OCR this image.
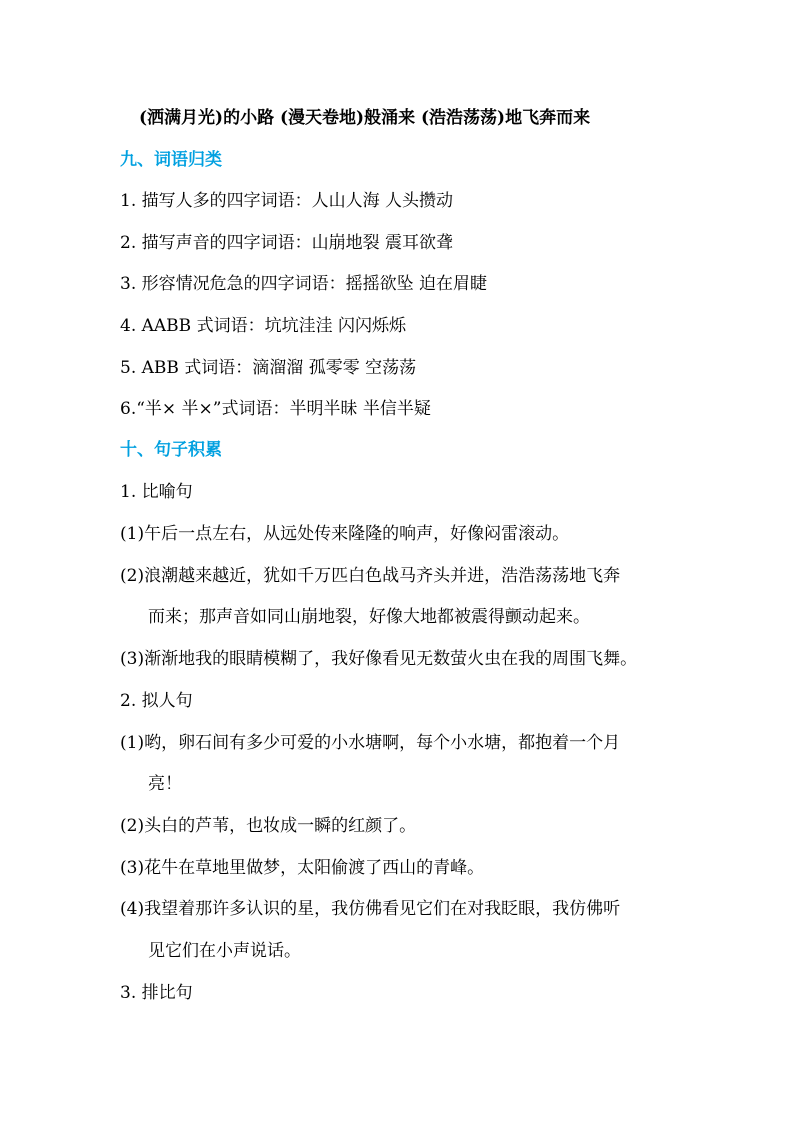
(洒满月光)的小路 (漫天卷地)般涌来 (浩浩荡荡)地飞奔而来
九、词语归类
1. 描写人多的四字词语：人山人海 人头攒动
2. 描写声音的四字词语：山崩地裂 震耳欲聋
3. 形容情况危急的四字词语：摇摇欲坠 迫在眉睫
4. AABB 式词语：坑坑洼洼 闪闪烁烁
5. ABB 式词语：滴溜溜 孤零零 空荡荡
6.“半× 半×”式词语：半明半昧 半信半疑
十、句子积累
1. 比喻句
(1)午后一点左右，从远处传来隆隆的响声，好像闷雷滚动。
(2)浪潮越来越近，犹如千万匹白色战马齐头并进，浩浩荡荡地飞奔
而来；那声音如同山崩地裂，好像大地都被震得颤动起来。
(3)渐渐地我的眼睛模糊了，我好像看见无数萤火虫在我的周围飞舞。
2. 拟人句
(1)哟，卵石间有多少可爱的小水塘啊，每个小水塘，都抱着一个月
亮！
(2)头白的芦苇，也妆成一瞬的红颜了。
(3)花牛在草地里做梦，太阳偷渡了西山的青峰。
(4)我望着那许多认识的星，我仿佛看见它们在对我眨眼，我仿佛听
见它们在小声说话。
3. 排比句
